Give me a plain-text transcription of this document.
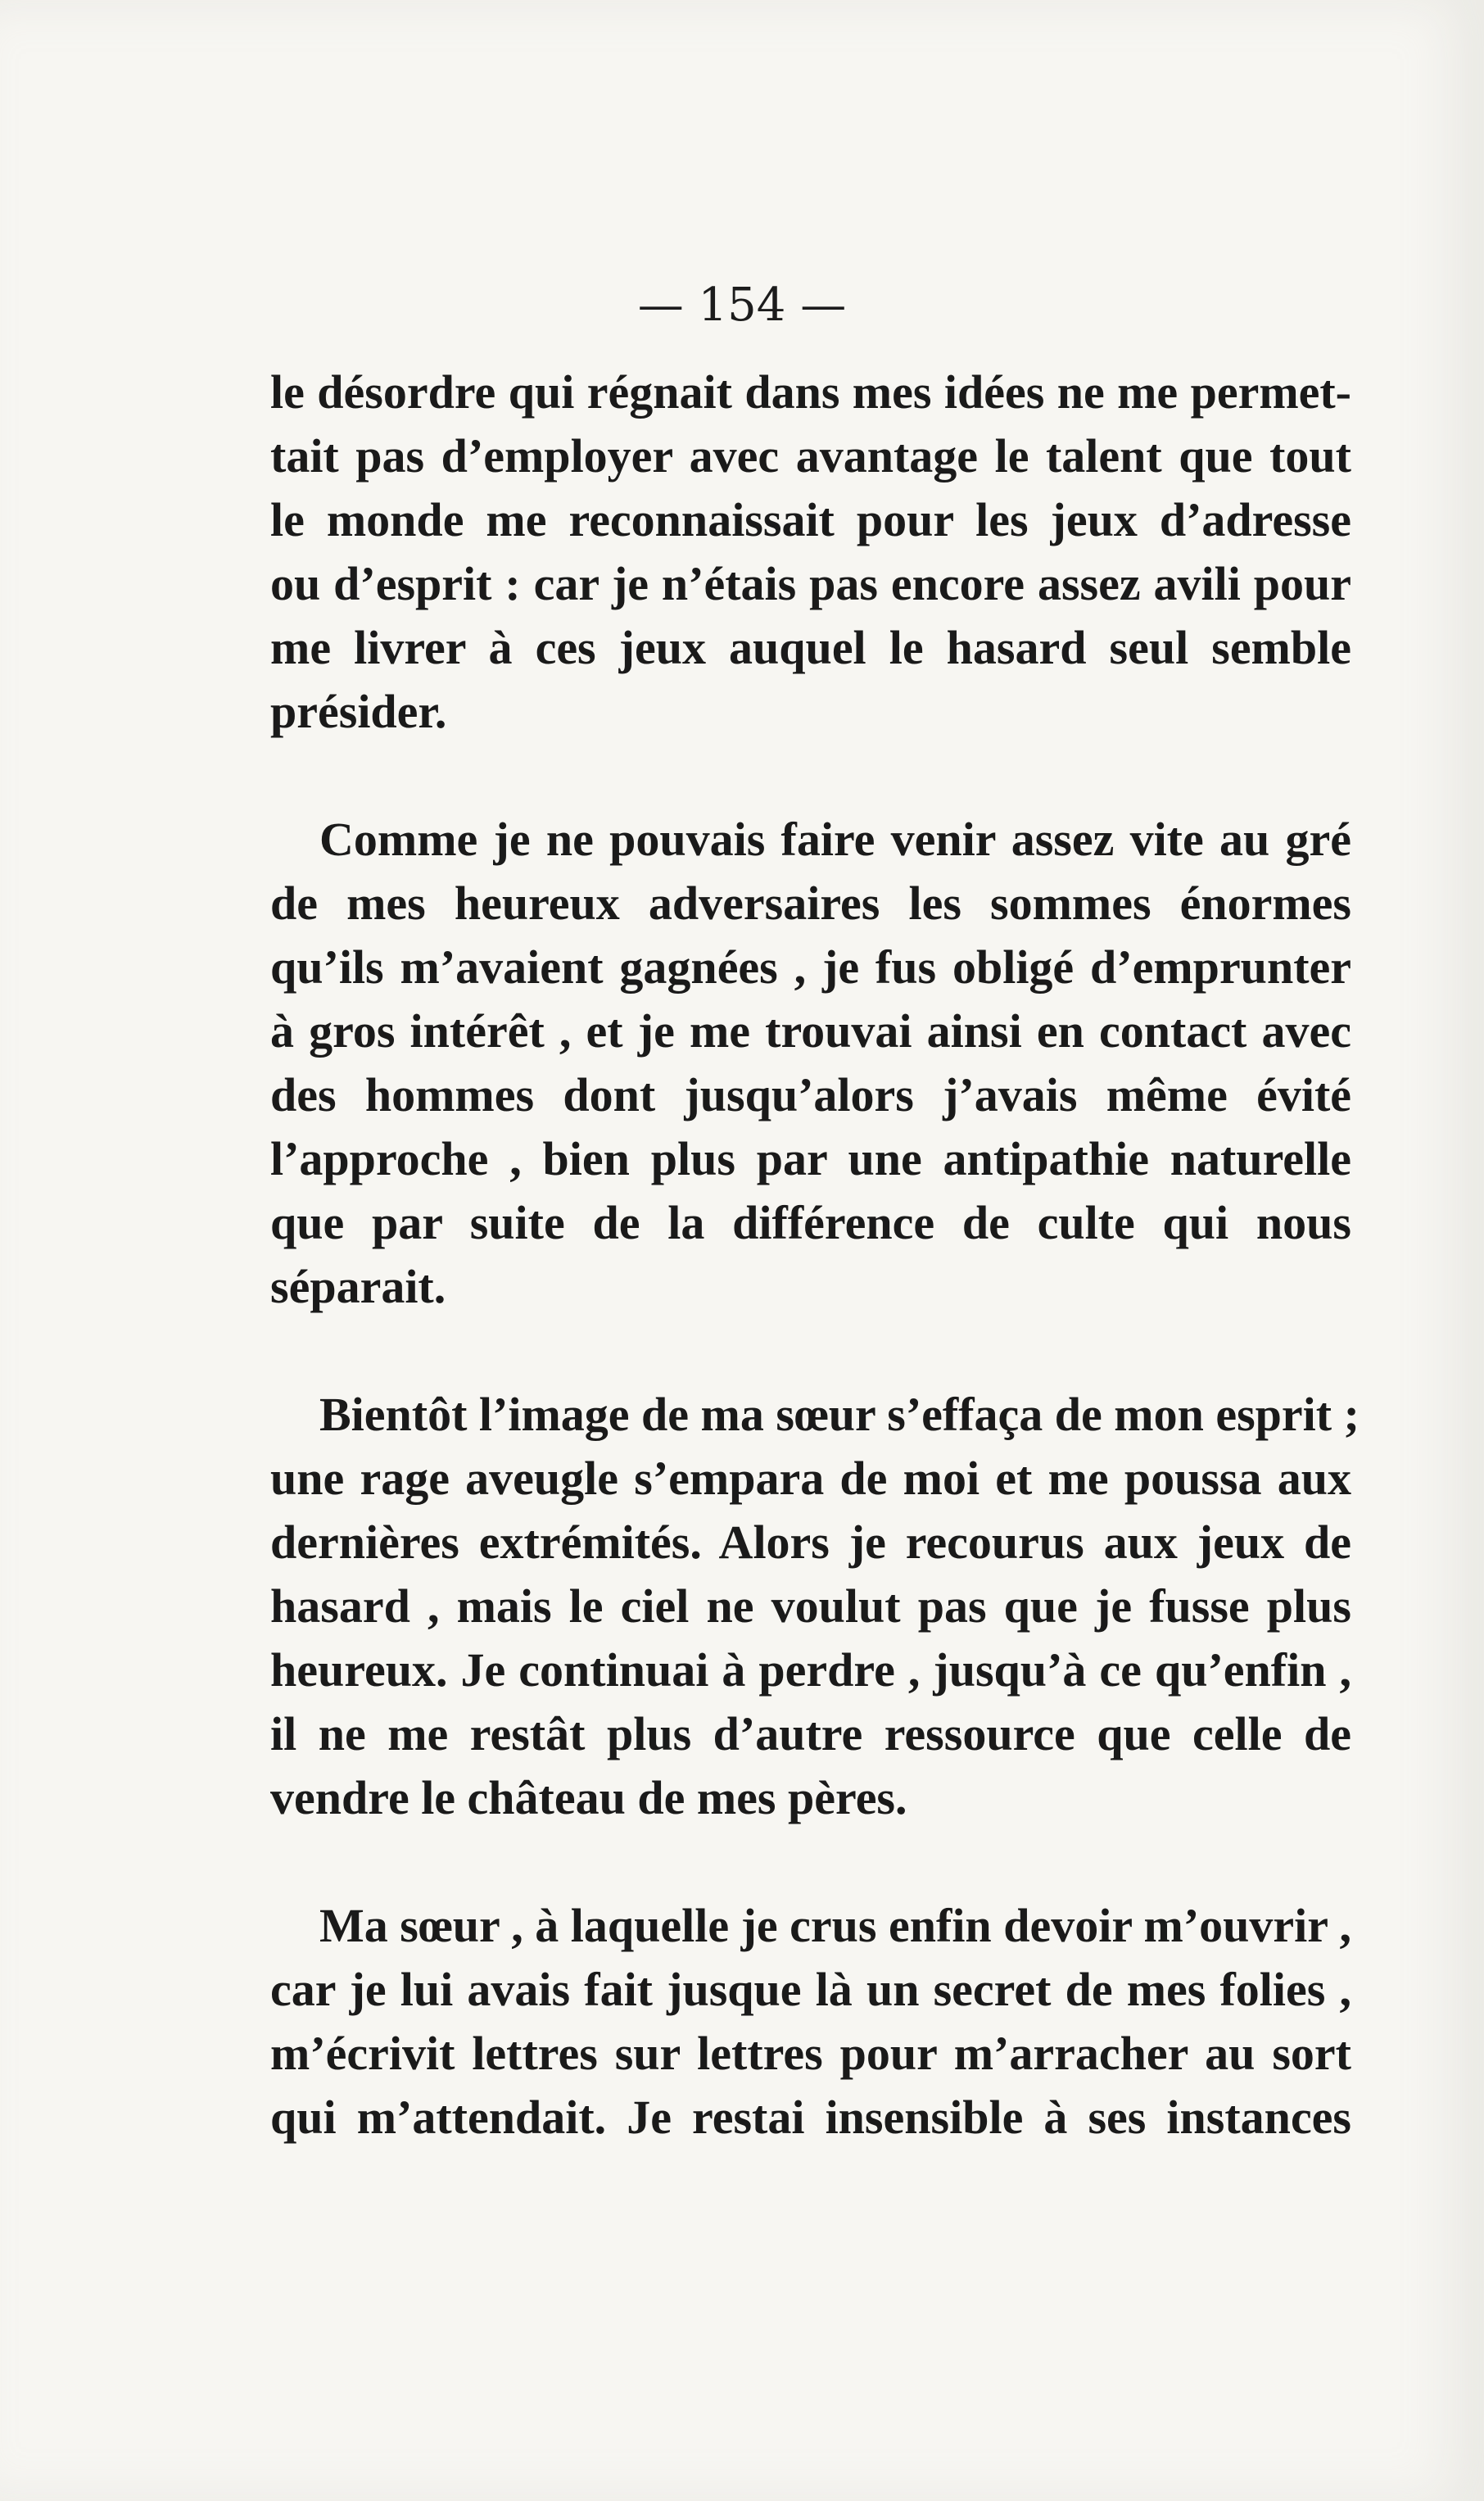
— 154 —
le désordre qui régnait dans mes idées ne me permet-
tait pas d’employer avec avantage le talent que tout
le monde me reconnaissait pour les jeux d’adresse
ou d’esprit : car je n’étais pas encore assez avili pour
me livrer à ces jeux auquel le hasard seul semble
présider.
Comme je ne pouvais faire venir assez vite au gré
de mes heureux adversaires les sommes énormes
qu’ils m’avaient gagnées , je fus obligé d’emprunter
à gros intérêt , et je me trouvai ainsi en contact avec
des hommes dont jusqu’alors j’avais même évité
l’approche , bien plus par une antipathie naturelle
que par suite de la différence de culte qui nous
séparait.
Bientôt l’image de ma sœur s’effaça de mon esprit ;
une rage aveugle s’empara de moi et me poussa aux
dernières extrémités. Alors je recourus aux jeux de
hasard , mais le ciel ne voulut pas que je fusse plus
heureux. Je continuai à perdre , jusqu’à ce qu’enfin ,
il ne me restât plus d’autre ressource que celle de
vendre le château de mes pères.
Ma sœur , à laquelle je crus enfin devoir m’ouvrir ,
car je lui avais fait jusque là un secret de mes folies ,
m’écrivit lettres sur lettres pour m’arracher au sort
qui m’attendait. Je restai insensible à ses instances
